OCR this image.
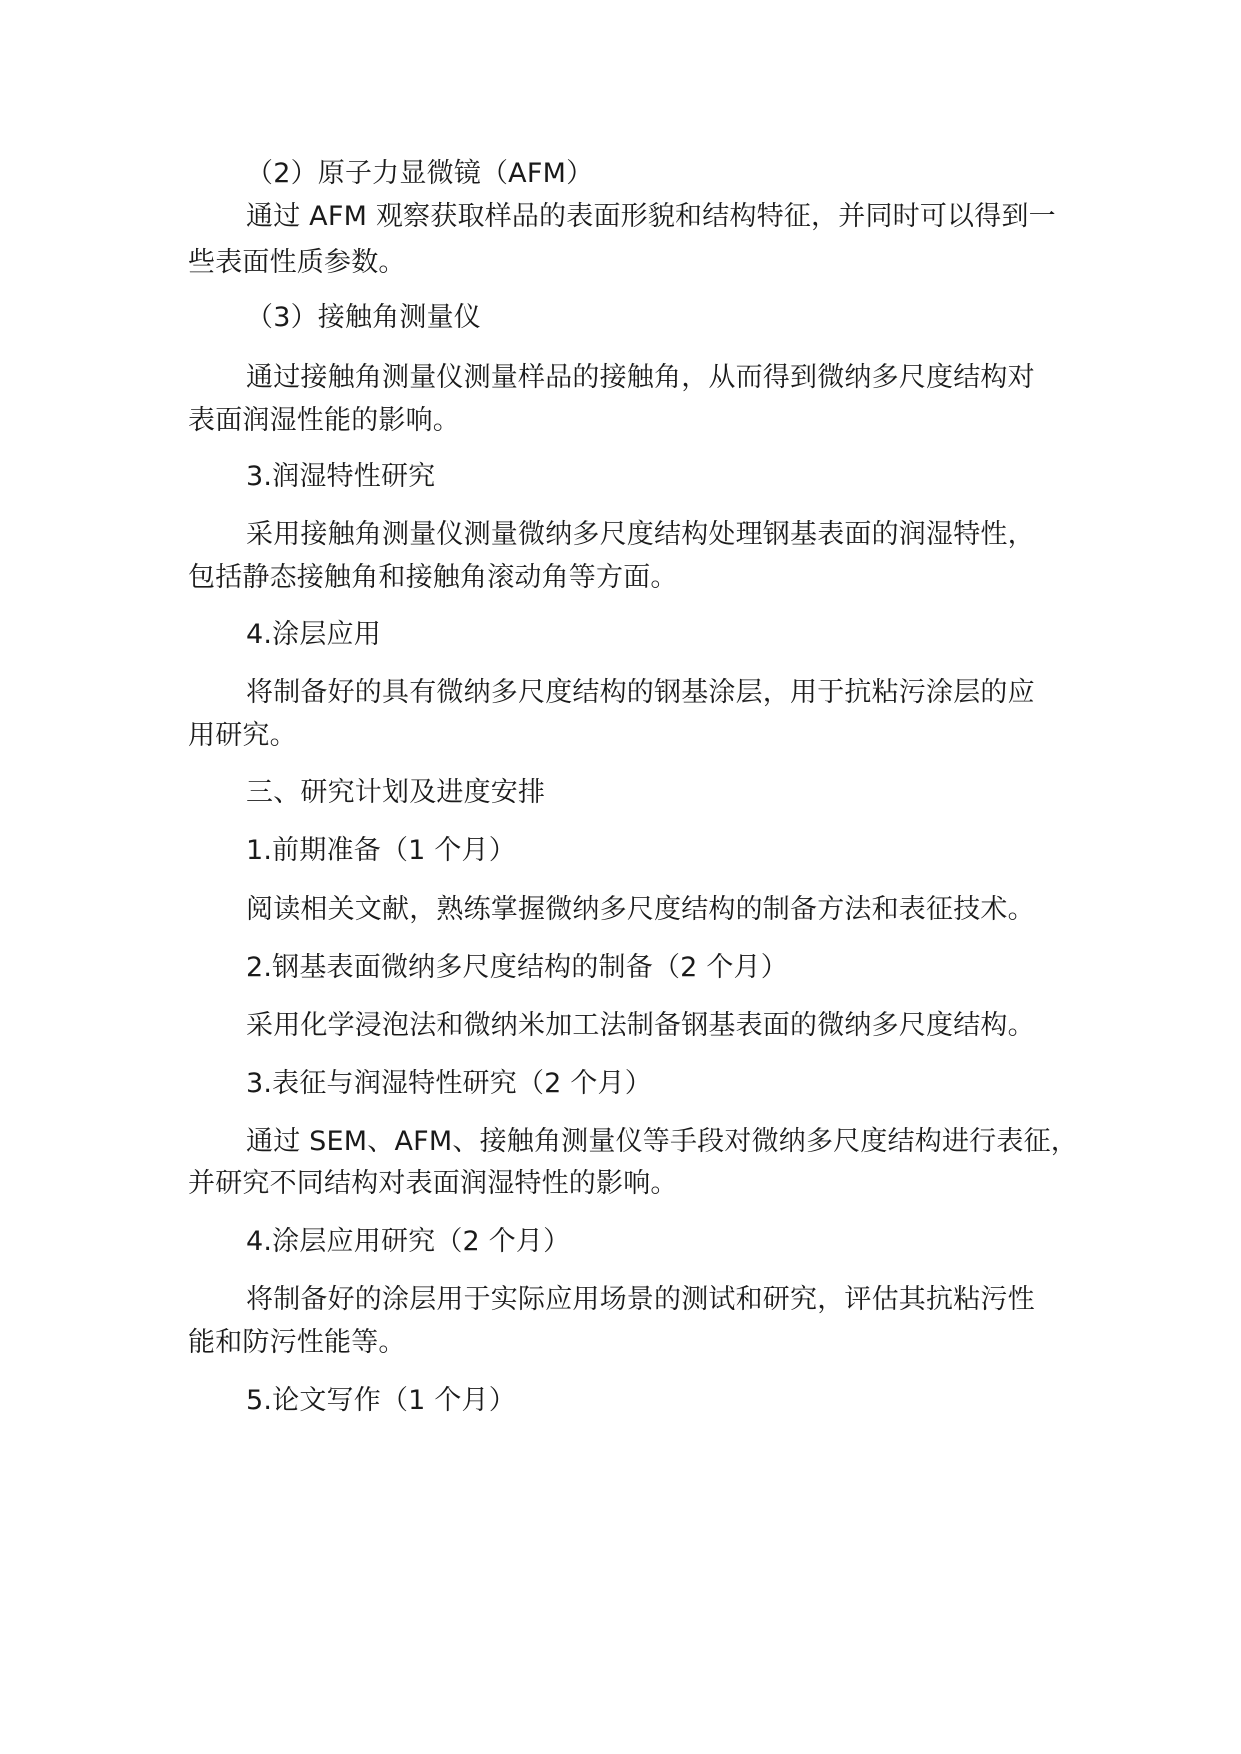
（2）原子力显微镜（AFM）
通过 AFM 观察获取样品的表面形貌和结构特征，并同时可以得到一
些表面性质参数。
（3）接触角测量仪
通过接触角测量仪测量样品的接触角，从而得到微纳多尺度结构对
表面润湿性能的影响。
3.润湿特性研究
采用接触角测量仪测量微纳多尺度结构处理钢基表面的润湿特性，
包括静态接触角和接触角滚动角等方面。
4.涂层应用
将制备好的具有微纳多尺度结构的钢基涂层，用于抗粘污涂层的应
用研究。
三、研究计划及进度安排
1.前期准备（1 个月）
阅读相关文献，熟练掌握微纳多尺度结构的制备方法和表征技术。
2.钢基表面微纳多尺度结构的制备（2 个月）
采用化学浸泡法和微纳米加工法制备钢基表面的微纳多尺度结构。
3.表征与润湿特性研究（2 个月）
通过 SEM、AFM、接触角测量仪等手段对微纳多尺度结构进行表征，
并研究不同结构对表面润湿特性的影响。
4.涂层应用研究（2 个月）
将制备好的涂层用于实际应用场景的测试和研究，评估其抗粘污性
能和防污性能等。
5.论文写作（1 个月）
